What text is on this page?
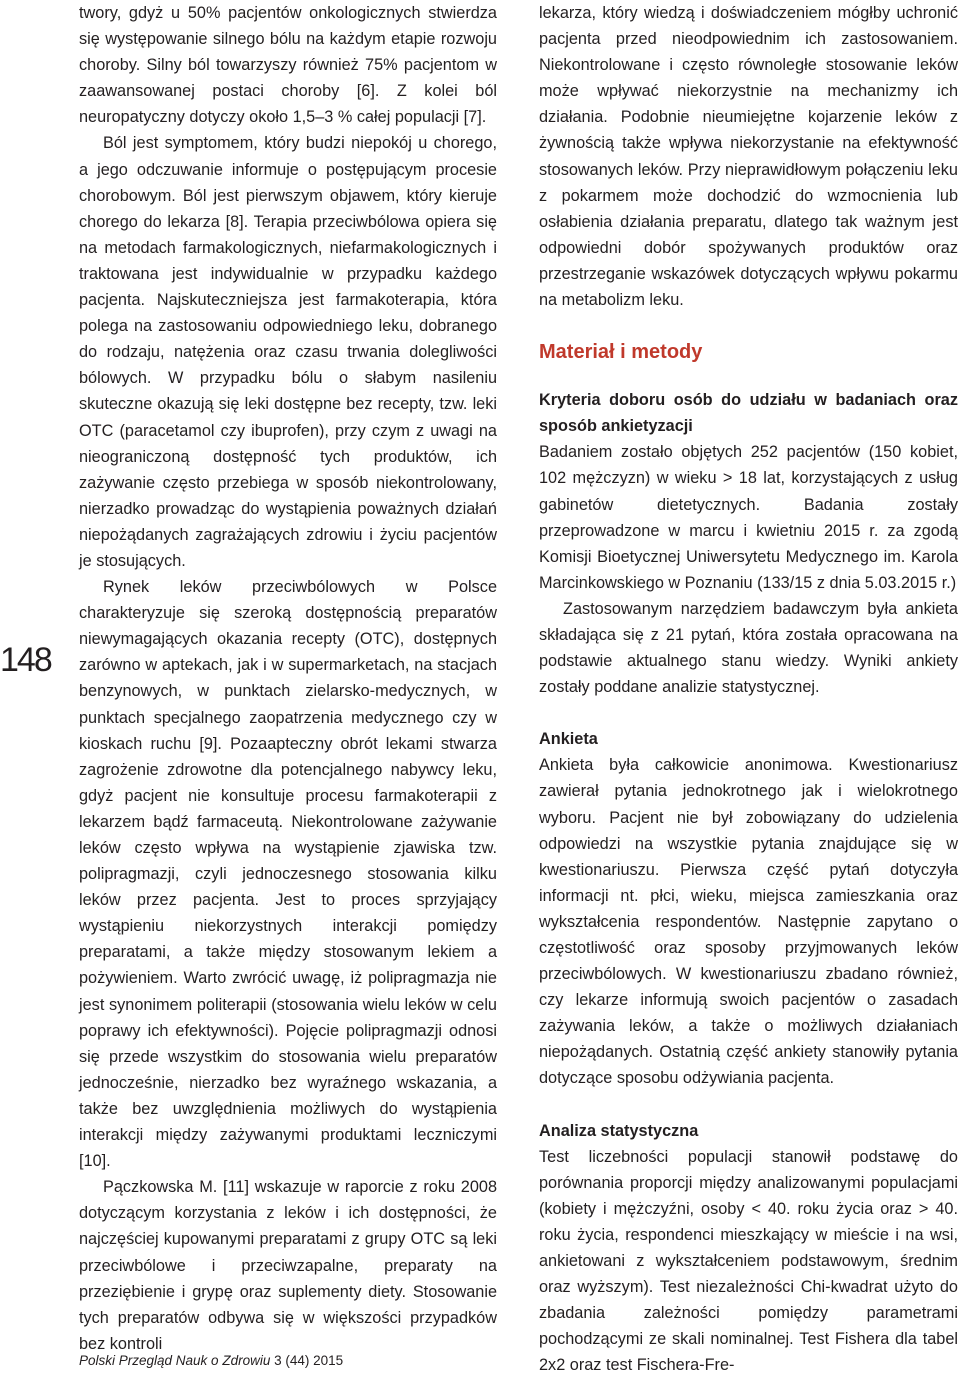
148

twory, gdyż u 50% pacjentów onkologicznych stwierdza się występowanie silnego bólu na każdym etapie rozwoju choroby. Silny ból towarzyszy również 75% pacjentom w zaawansowanej postaci choroby [6]. Z kolei ból neuropatyczny dotyczy około 1,5–3 % całej populacji [7].

Ból jest symptomem, który budzi niepokój u chorego, a jego odczuwanie informuje o postępującym procesie chorobowym. Ból jest pierwszym objawem, który kieruje chorego do lekarza [8]. Terapia przeciwbólowa opiera się na metodach farmakologicznych, niefarmakologicznych i traktowana jest indywidualnie w przypadku każdego pacjenta. Najskuteczniejsza jest farmakoterapia, która polega na zastosowaniu odpowiedniego leku, dobranego do rodzaju, natężenia oraz czasu trwania dolegliwości bólowych. W przypadku bólu o słabym nasileniu skuteczne okazują się leki dostępne bez recepty, tzw. leki OTC (paracetamol czy ibuprofen), przy czym z uwagi na nieograniczoną dostępność tych produktów, ich zażywanie często przebiega w sposób niekontrolowany, nierzadko prowadząc do wystąpienia poważnych działań niepożądanych zagrażających zdrowiu i życiu pacjentów je stosujących.

Rynek leków przeciwbólowych w Polsce charakteryzuje się szeroką dostępnością preparatów niewymagających okazania recepty (OTC), dostępnych zarówno w aptekach, jak i w supermarketach, na stacjach benzynowych, w punktach zielarsko-medycznych, w punktach specjalnego zaopatrzenia medycznego czy w kioskach ruchu [9]. Pozaapteczny obrót lekami stwarza zagrożenie zdrowotne dla potencjalnego nabywcy leku, gdyż pacjent nie konsultuje procesu farmakoterapii z lekarzem bądź farmaceutą. Niekontrolowane zażywanie leków często wpływa na wystąpienie zjawiska tzw. polipragmazji, czyli jednoczesnego stosowania kilku leków przez pacjenta. Jest to proces sprzyjający wystąpieniu niekorzystnych interakcji pomiędzy preparatami, a także między stosowanym lekiem a pożywieniem. Warto zwrócić uwagę, iż polipragmazja nie jest synonimem politerapii (stosowania wielu leków w celu poprawy ich efektywności). Pojęcie polipragmazji odnosi się przede wszystkim do stosowania wielu preparatów jednocześnie, nierzadko bez wyraźnego wskazania, a także bez uwzględnienia możliwych do wystąpienia interakcji między zażywanymi produktami leczniczymi [10].

Pączkowska M. [11] wskazuje w raporcie z roku 2008 dotyczącym korzystania z leków i ich dostępności, że najczęściej kupowanymi preparatami z grupy OTC są leki przeciwbólowe i przeciwzapalne, preparaty na przeziębienie i grypę oraz suplementy diety. Stosowanie tych preparatów odbywa się w większości przypadków bez kontroli

lekarza, który wiedzą i doświadczeniem mógłby uchronić pacjenta przed nieodpowiednim ich zastosowaniem. Niekontrolowane i często równoległe stosowanie leków może wpływać niekorzystnie na mechanizmy ich działania. Podobnie nieumiejętne kojarzenie leków z żywnością także wpływa niekorzystanie na efektywność stosowanych leków. Przy nieprawidłowym połączeniu leku z pokarmem może dochodzić do wzmocnienia lub osłabienia działania preparatu, dlatego tak ważnym jest odpowiedni dobór spożywanych produktów oraz przestrzeganie wskazówek dotyczących wpływu pokarmu na metabolizm leku.

Materiał i metody

Kryteria doboru osób do udziału w badaniach oraz sposób ankietyzacji

Badaniem zostało objętych 252 pacjentów (150 kobiet, 102 mężczyzn) w wieku > 18 lat, korzystających z usług gabinetów dietetycznych. Badania zostały przeprowadzone w marcu i kwietniu 2015 r. za zgodą Komisji Bioetycznej Uniwersytetu Medycznego im. Karola Marcinkowskiego w Poznaniu (133/15 z dnia 5.03.2015 r.)

Zastosowanym narzędziem badawczym była ankieta składająca się z 21 pytań, która została opracowana na podstawie aktualnego stanu wiedzy. Wyniki ankiety zostały poddane analizie statystycznej.

Ankieta

Ankieta była całkowicie anonimowa. Kwestionariusz zawierał pytania jednokrotnego jak i wielokrotnego wyboru. Pacjent nie był zobowiązany do udzielenia odpowiedzi na wszystkie pytania znajdujące się w kwestionariuszu. Pierwsza część pytań dotyczyła informacji nt. płci, wieku, miejsca zamieszkania oraz wykształcenia respondentów. Następnie zapytano o częstotliwość oraz sposoby przyjmowanych leków przeciwbólowych. W kwestionariuszu zbadano również, czy lekarze informują swoich pacjentów o zasadach zażywania leków, a także o możliwych działaniach niepożądanych. Ostatnią część ankiety stanowiły pytania dotyczące sposobu odżywiania pacjenta.

Analiza statystyczna

Test liczebności populacji stanowił podstawę do porównania proporcji między analizowanymi populacjami (kobiety i mężczyźni, osoby < 40. roku życia oraz > 40. roku życia, respondenci mieszkający w mieście i na wsi, ankietowani z wykształceniem podstawowym, średnim oraz wyższym). Test niezależności Chi-kwadrat użyto do zbadania zależności pomiędzy parametrami pochodzącymi ze skali nominalnej. Test Fishera dla tabel 2x2 oraz test Fischera-Fre-

Polski Przegląd Nauk o Zdrowiu 3 (44) 2015
